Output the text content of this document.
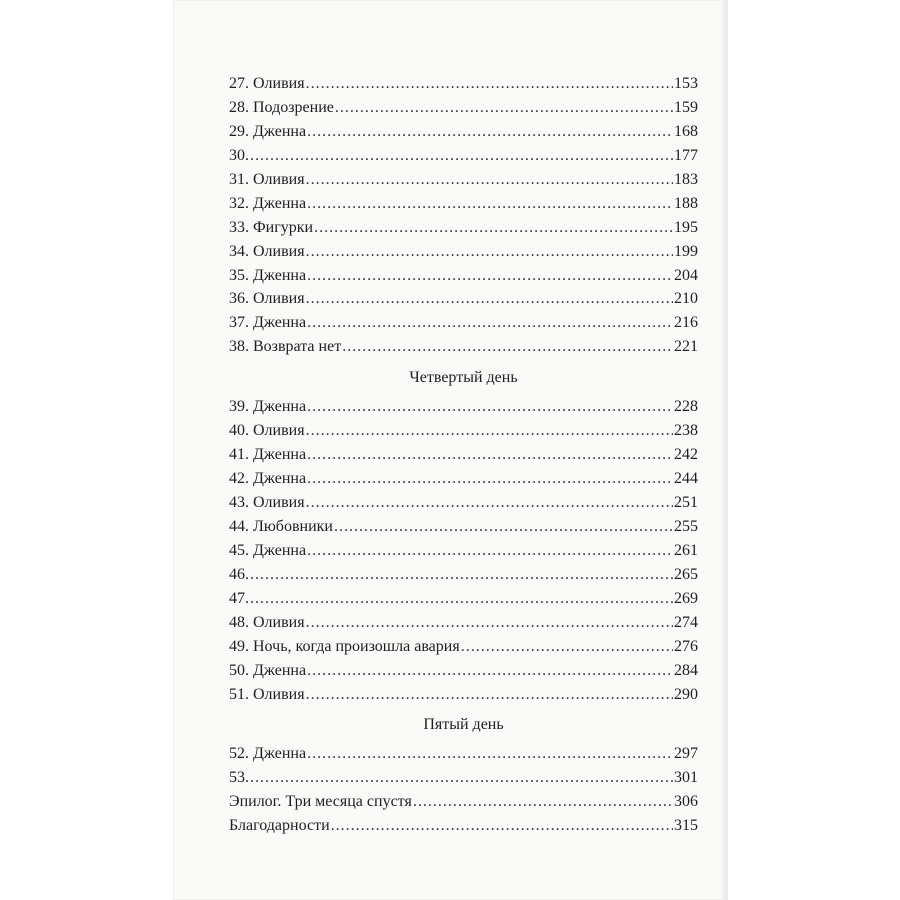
27. Оливия .....	153
28. Подозрение .....	159
29. Дженна .....	168
30. .....	177
31. Оливия .....	183
32. Дженна .....	188
33. Фигурки .....	195
34. Оливия .....	199
35. Дженна .....	204
36. Оливия .....	210
37. Дженна .....	216
38. Возврата нет .....	221
Четвертый день
39. Дженна .....	228
40. Оливия .....	238
41. Дженна .....	242
42. Дженна .....	244
43. Оливия .....	251
44. Любовники .....	255
45. Дженна .....	261
46. .....	265
47. .....	269
48. Оливия .....	274
49. Ночь, когда произошла авария .....	276
50. Дженна .....	284
51. Оливия .....	290
Пятый день
52. Дженна .....	297
53. .....	301
Эпилог. Три месяца спустя .....	306
Благодарности .....	315
